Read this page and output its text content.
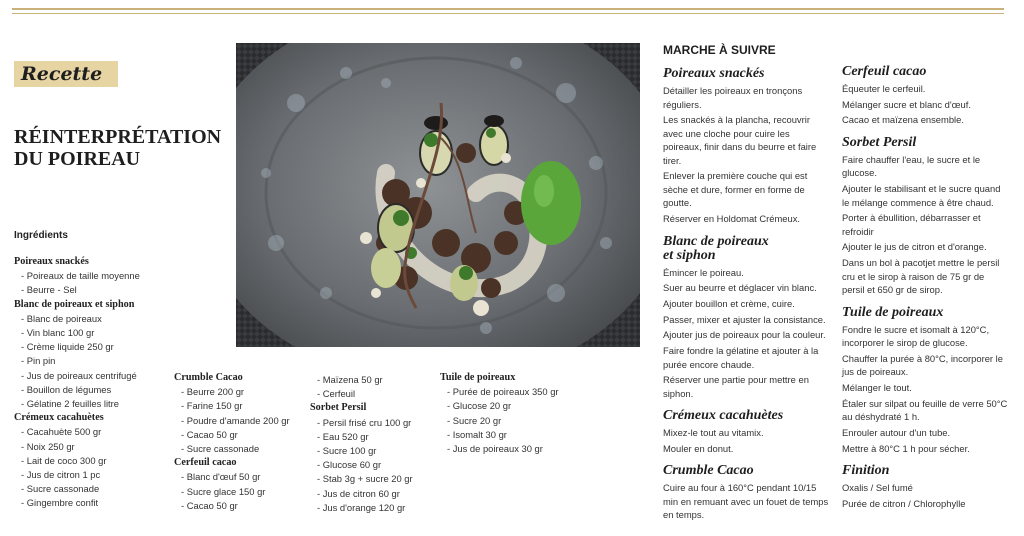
Recette
RÉINTERPRÉTATION
DU POIREAU
Ingrédients
Poireaux snackés
- Poireaux de taille moyenne
- Beurre - Sel
Blanc de poireaux et siphon
- Blanc de poireaux
- Vin blanc 100 gr
- Crème liquide 250 gr
- Pin pin
- Jus de poireaux centrifugé
- Bouillon de légumes
- Gélatine 2 feuilles litre
Crémeux cacahuètes
- Cacahuète 500 gr
- Noix 250 gr
- Lait de coco 300 gr
- Jus de citron 1 pc
- Sucre cassonade
- Gingembre confit
Crumble Cacao
- Beurre 200 gr
- Farine 150 gr
- Poudre d'amande 200 gr
- Cacao 50 gr
- Sucre cassonade
Cerfeuil cacao
- Blanc d'œuf 50 gr
- Sucre glace 150 gr
- Cacao 50 gr
- Maïzena 50 gr
- Cerfeuil
Sorbet Persil
- Persil frisé cru 100 gr
- Eau 520 gr
- Sucre 100 gr
- Glucose 60 gr
- Stab 3g + sucre 20 gr
- Jus de citron 60 gr
- Jus d'orange 120 gr
Tuile de poireaux
- Purée de poireaux 350 gr
- Glucose 20 gr
- Sucre 20 gr
- Isomalt 30 gr
- Jus de poireaux 30 gr
MARCHE À SUIVRE
Poireaux snackés
Détailler les poireaux en tronçons réguliers.
Les snackés à la plancha, recouvrir avec une cloche pour cuire les poireaux, finir dans du beurre et faire tirer.
Enlever la première couche qui est sèche et dure, former en forme de goutte.
Réserver en Holdomat Crémeux.
Blanc de poireaux
et siphon
Émincer le poireau.
Suer au beurre et déglacer vin blanc.
Ajouter bouillon et crème, cuire.
Passer, mixer et ajuster la consistance.
Ajouter jus de poireaux pour la couleur.
Faire fondre la gélatine et ajouter à la purée encore chaude.
Réserver une partie pour mettre en siphon.
Crémeux cacahuètes
Mixez-le tout au vitamix.
Mouler en donut.
Crumble Cacao
Cuire au four à 160°C pendant 10/15 min en remuant avec un fouet de temps en temps.
Cerfeuil cacao
Équeuter le cerfeuil.
Mélanger sucre et blanc d'œuf.
Cacao et maïzena ensemble.
Sorbet Persil
Faire chauffer l'eau, le sucre et le glucose.
Ajouter le stabilisant et le sucre quand le mélange commence à être chaud.
Porter à ébullition, débarrasser et refroidir
Ajouter le jus de citron et d'orange.
Dans un bol à pacotjet mettre le persil cru et le sirop à raison de 75 gr de persil et 650 gr de sirop.
Tuile de poireaux
Fondre le sucre et isomalt à 120°C, incorporer le sirop de glucose.
Chauffer la purée à 80°C, incorporer le jus de poireaux.
Mélanger le tout.
Étaler sur silpat ou feuille de verre 50°C au déshydraté 1 h.
Enrouler autour d'un tube.
Mettre à 80°C 1 h pour sécher.
Finition
Oxalis / Sel fumé
Purée de citron / Chlorophylle
